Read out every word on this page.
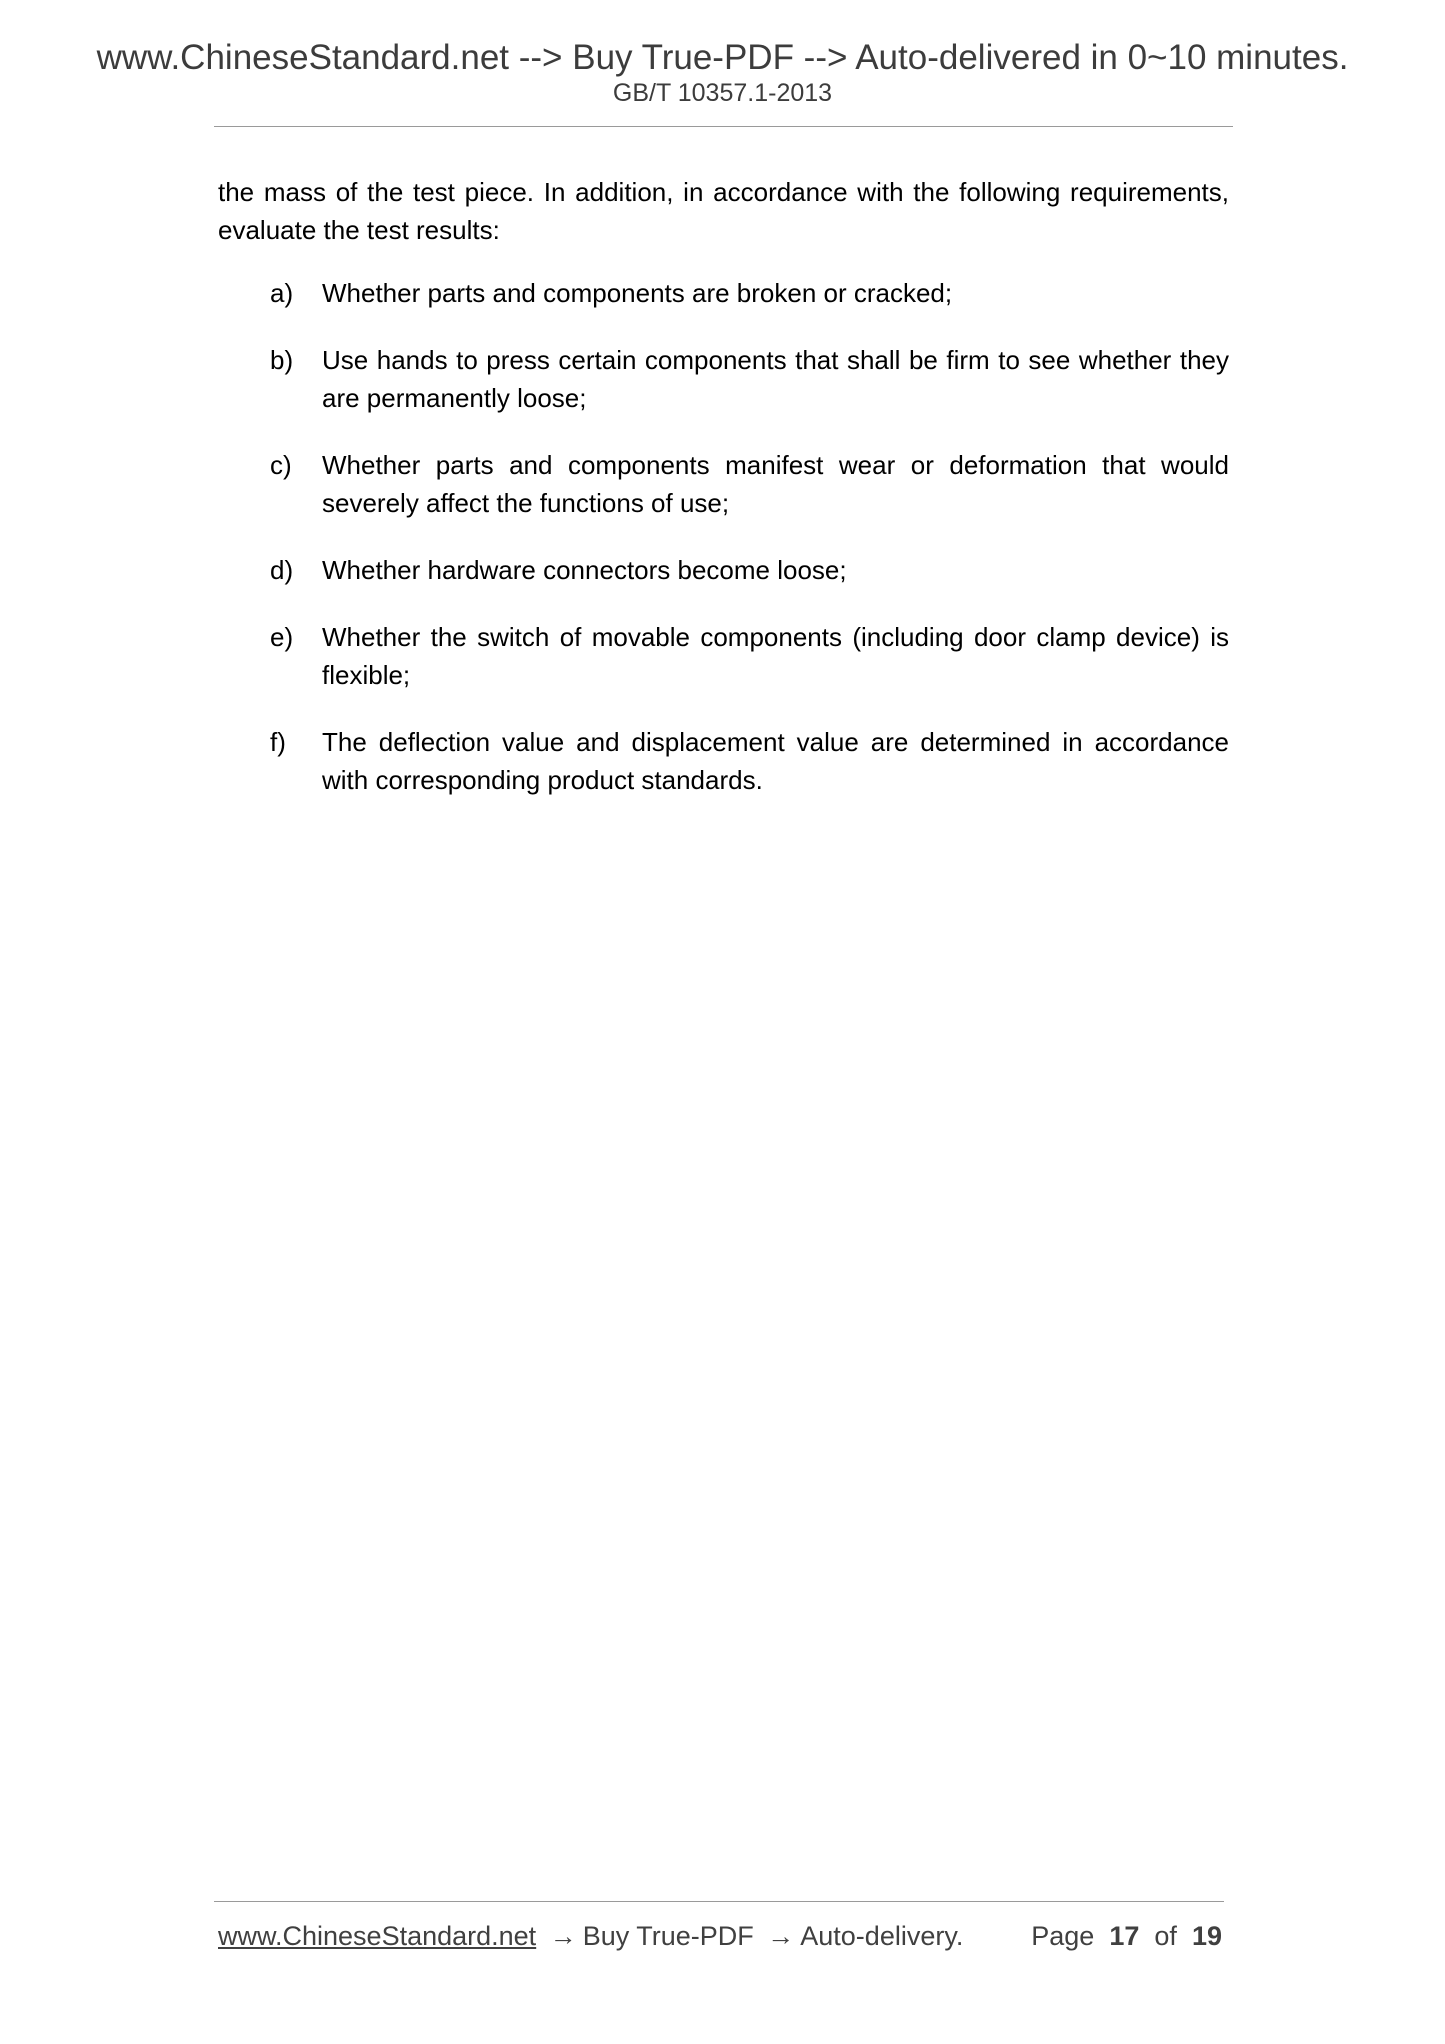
www.ChineseStandard.net --> Buy True-PDF --> Auto-delivered in 0~10 minutes.
GB/T 10357.1-2013

the mass of the test piece. In addition, in accordance with the following requirements, evaluate the test results:

a) Whether parts and components are broken or cracked;
b) Use hands to press certain components that shall be firm to see whether they are permanently loose;
c) Whether parts and components manifest wear or deformation that would severely affect the functions of use;
d) Whether hardware connectors become loose;
e) Whether the switch of movable components (including door clamp device) is flexible;
f) The deflection value and displacement value are determined in accordance with corresponding product standards.
www.ChineseStandard.net → Buy True-PDF → Auto-delivery.	Page 17 of 19
